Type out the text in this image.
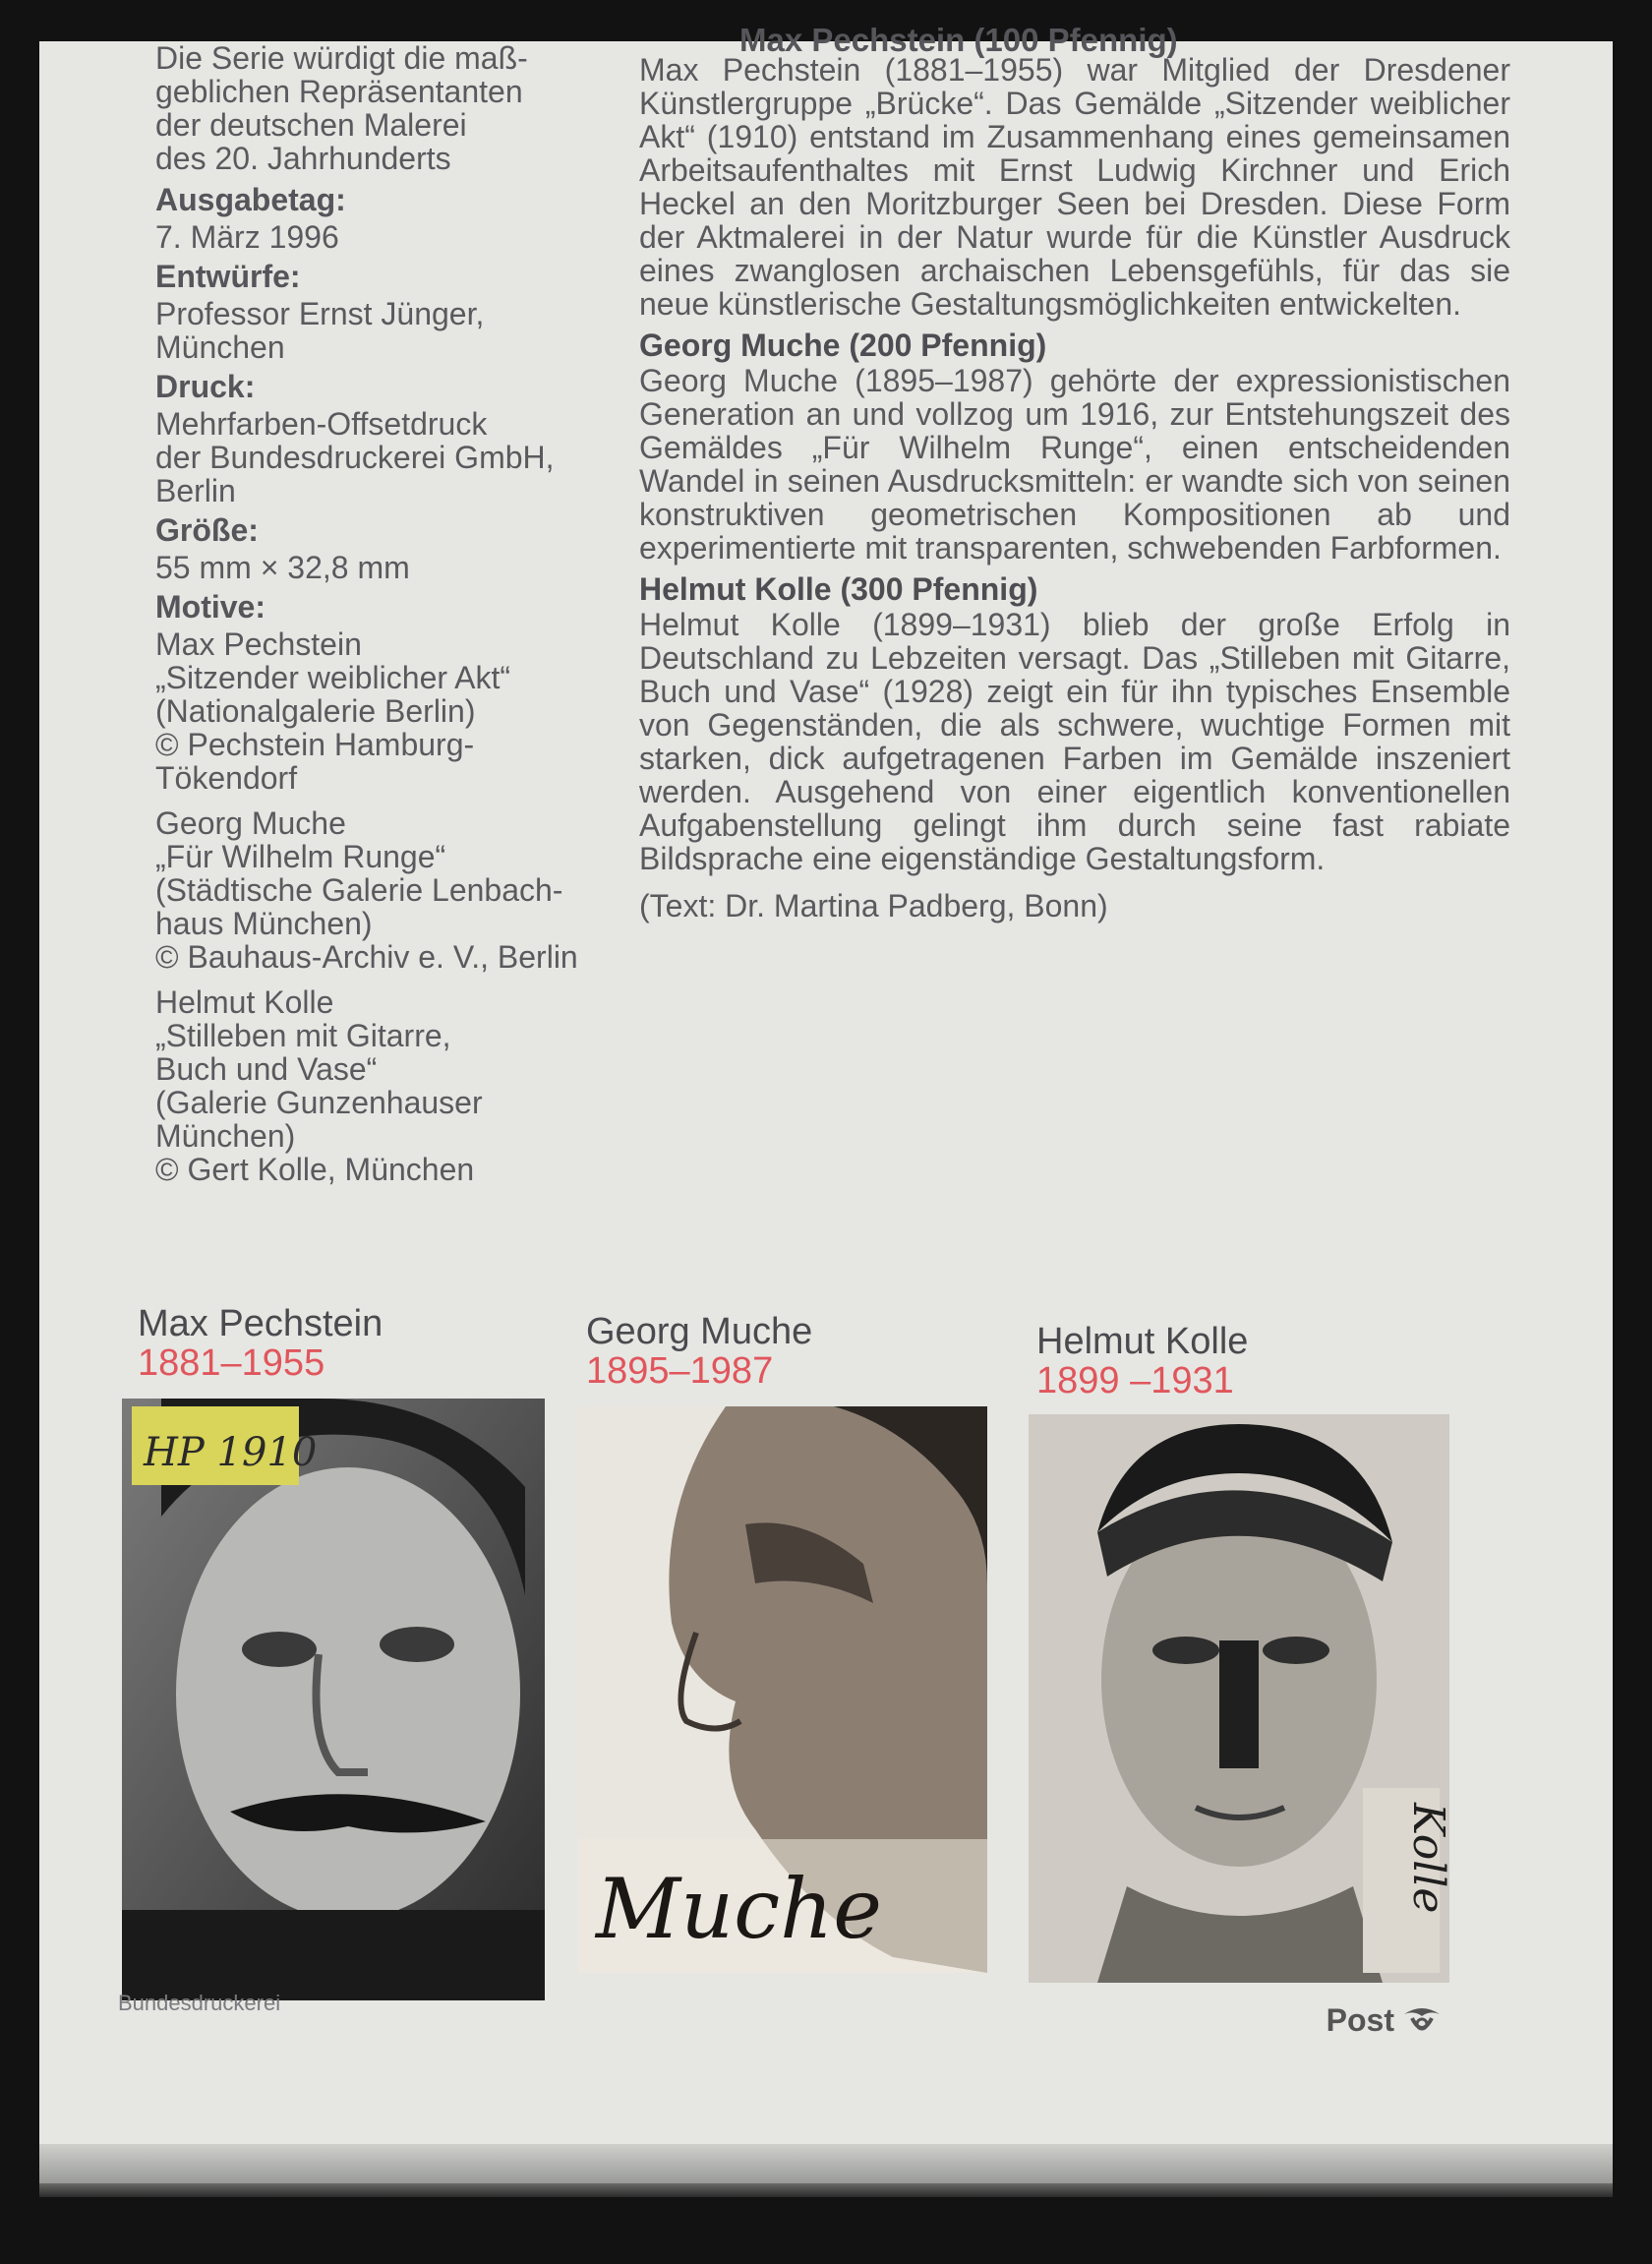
Max Pechstein (100 Pfennig)
Die Serie würdigt die maß-
geblichen Repräsentanten
der deutschen Malerei
des 20. Jahrhunderts
Ausgabetag:
7. März 1996
Entwürfe:
Professor Ernst Jünger,
München
Druck:
Mehrfarben-Offsetdruck
der Bundesdruckerei GmbH,
Berlin
Größe:
55 mm × 32,8 mm
Motive:
Max Pechstein
„Sitzender weiblicher Akt“
(Nationalgalerie Berlin)
© Pechstein Hamburg-
Tökendorf
Georg Muche
„Für Wilhelm Runge“
(Städtische Galerie Lenbach-
haus München)
© Bauhaus-Archiv e. V., Berlin
Helmut Kolle
„Stilleben mit Gitarre,
Buch und Vase“
(Galerie Gunzenhauser
München)
© Gert Kolle, München
Max Pechstein (1881–1955) war Mitglied der Dresdener Künstlergruppe „Brücke“. Das Gemälde „Sitzender weiblicher Akt“ (1910) entstand im Zusammenhang eines gemeinsamen Arbeitsaufenthaltes mit Ernst Ludwig Kirchner und Erich Heckel an den Moritzburger Seen bei Dresden. Diese Form der Aktmalerei in der Natur wurde für die Künstler Ausdruck eines zwanglosen archaischen Lebensgefühls, für das sie neue künstlerische Gestaltungsmöglichkeiten entwickelten.
Georg Muche (200 Pfennig)
Georg Muche (1895–1987) gehörte der expressionistischen Generation an und vollzog um 1916, zur Entstehungszeit des Gemäldes „Für Wilhelm Runge“, einen entscheidenden Wandel in seinen Ausdrucksmitteln: er wandte sich von seinen konstruktiven geometrischen Kompositionen ab und experimentierte mit transparenten, schwebenden Farbformen.
Helmut Kolle (300 Pfennig)
Helmut Kolle (1899–1931) blieb der große Erfolg in Deutschland zu Lebzeiten versagt. Das „Stilleben mit Gitarre, Buch und Vase“ (1928) zeigt ein für ihn typisches Ensemble von Gegenständen, die als schwere, wuchtige Formen mit starken, dick aufgetragenen Farben im Gemälde inszeniert werden. Ausgehend von einer eigentlich konventionellen Aufgabenstellung gelingt ihm durch seine fast rabiate Bildsprache eine eigenständige Gestaltungsform.
(Text: Dr. Martina Padberg, Bonn)
Max Pechstein
1881–1955
HP 1910
Georg Muche
1895–1987
Muche
Helmut Kolle
1899 –1931
Kolle
Bundesdruckerei	Post
